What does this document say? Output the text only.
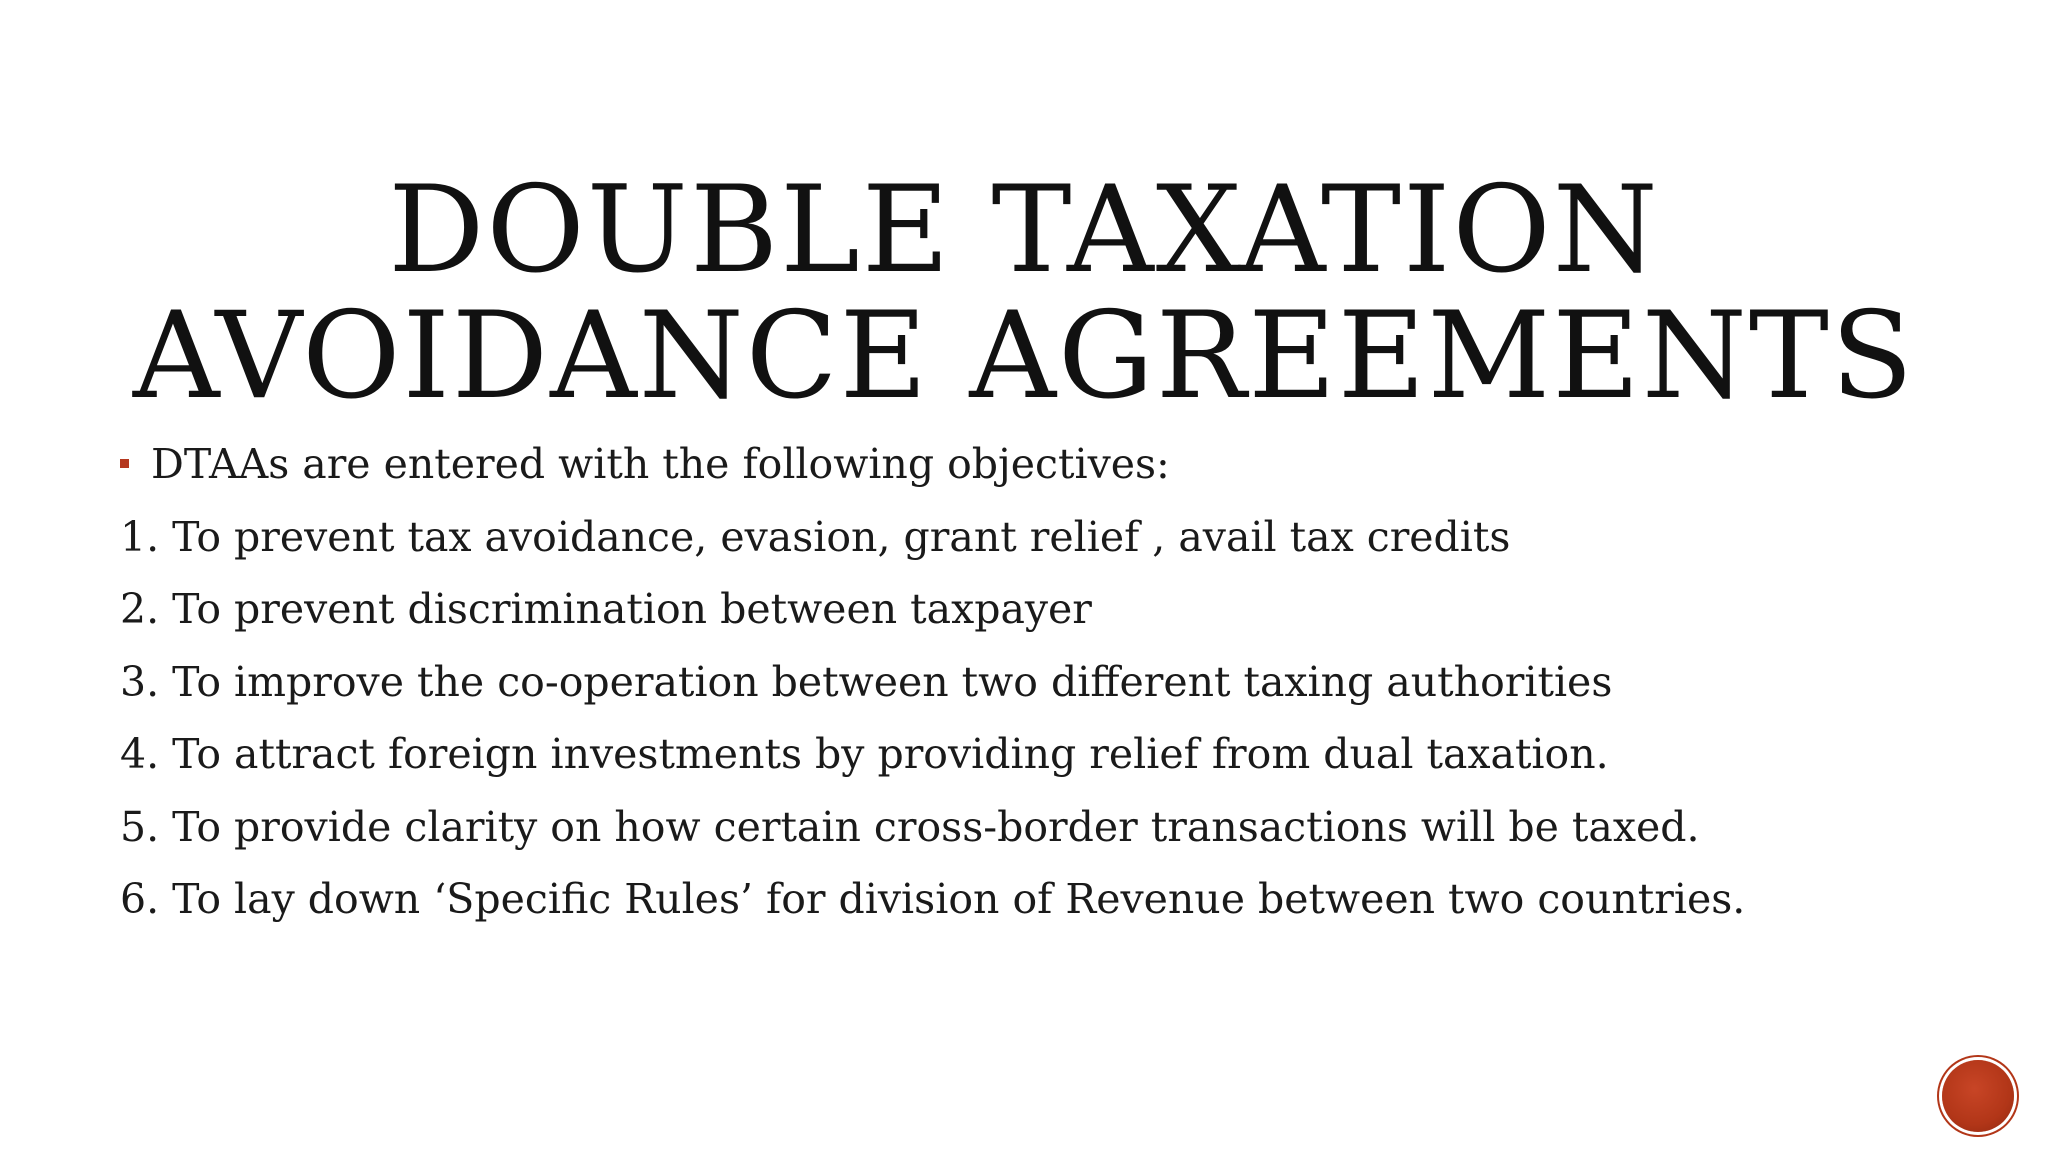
DOUBLE TAXATION
AVOIDANCE AGREEMENTS
DTAAs are entered with the following objectives:
1. To prevent tax avoidance, evasion, grant relief , avail tax credits
2. To prevent discrimination between taxpayer
3. To improve the co-operation between two different taxing authorities
4. To attract foreign investments by providing relief from dual taxation.
5. To provide clarity on how certain cross-border transactions will be taxed.
6. To lay down ‘Specific Rules’ for division of Revenue between two countries.
